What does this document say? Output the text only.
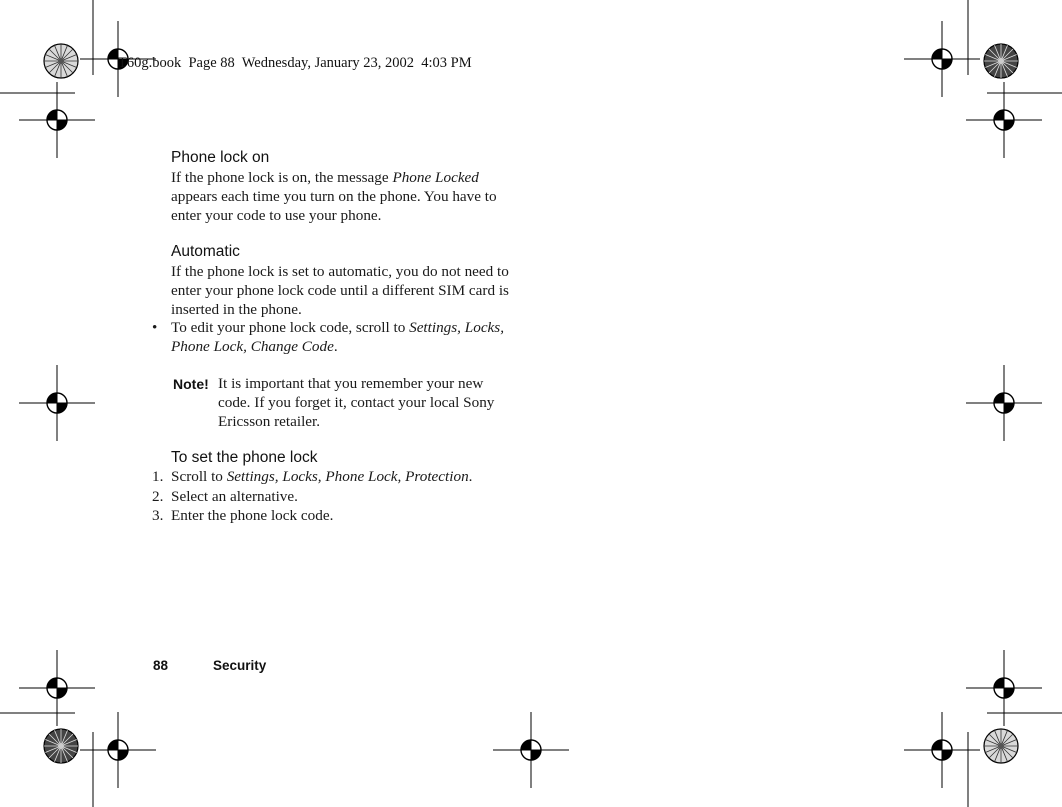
T60g.book  Page 88  Wednesday, January 23, 2002  4:03 PM
Phone lock on

If the phone lock is on, the message Phone Locked

appears each time you turn on the phone. You have to

enter your code to use your phone.

Automatic

If the phone lock is set to automatic, you do not need to

enter your phone lock code until a different SIM card is

inserted in the phone.

• To edit your phone lock code, scroll to Settings, Locks,

Phone Lock, Change Code.

Note! It is important that you remember your new

code. If you forget it, contact your local Sony

Ericsson retailer.

To set the phone lock
1. Scroll to Settings, Locks, Phone Lock, Protection.
2. Select an alternative.
3. Enter the phone lock code.
88	Security
